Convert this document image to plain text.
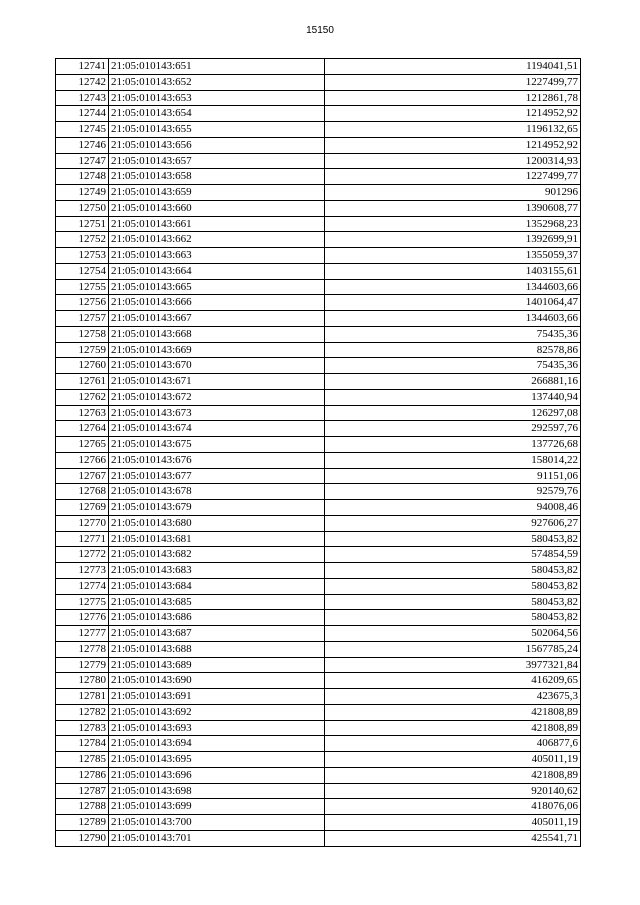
15150
12741	21:05:010143:651	1194041,51
12742	21:05:010143:652	1227499,77
12743	21:05:010143:653	1212861,78
12744	21:05:010143:654	1214952,92
12745	21:05:010143:655	1196132,65
12746	21:05:010143:656	1214952,92
12747	21:05:010143:657	1200314,93
12748	21:05:010143:658	1227499,77
12749	21:05:010143:659	901296
12750	21:05:010143:660	1390608,77
12751	21:05:010143:661	1352968,23
12752	21:05:010143:662	1392699,91
12753	21:05:010143:663	1355059,37
12754	21:05:010143:664	1403155,61
12755	21:05:010143:665	1344603,66
12756	21:05:010143:666	1401064,47
12757	21:05:010143:667	1344603,66
12758	21:05:010143:668	75435,36
12759	21:05:010143:669	82578,86
12760	21:05:010143:670	75435,36
12761	21:05:010143:671	266881,16
12762	21:05:010143:672	137440,94
12763	21:05:010143:673	126297,08
12764	21:05:010143:674	292597,76
12765	21:05:010143:675	137726,68
12766	21:05:010143:676	158014,22
12767	21:05:010143:677	91151,06
12768	21:05:010143:678	92579,76
12769	21:05:010143:679	94008,46
12770	21:05:010143:680	927606,27
12771	21:05:010143:681	580453,82
12772	21:05:010143:682	574854,59
12773	21:05:010143:683	580453,82
12774	21:05:010143:684	580453,82
12775	21:05:010143:685	580453,82
12776	21:05:010143:686	580453,82
12777	21:05:010143:687	502064,56
12778	21:05:010143:688	1567785,24
12779	21:05:010143:689	3977321,84
12780	21:05:010143:690	416209,65
12781	21:05:010143:691	423675,3
12782	21:05:010143:692	421808,89
12783	21:05:010143:693	421808,89
12784	21:05:010143:694	406877,6
12785	21:05:010143:695	405011,19
12786	21:05:010143:696	421808,89
12787	21:05:010143:698	920140,62
12788	21:05:010143:699	418076,06
12789	21:05:010143:700	405011,19
12790	21:05:010143:701	425541,71
